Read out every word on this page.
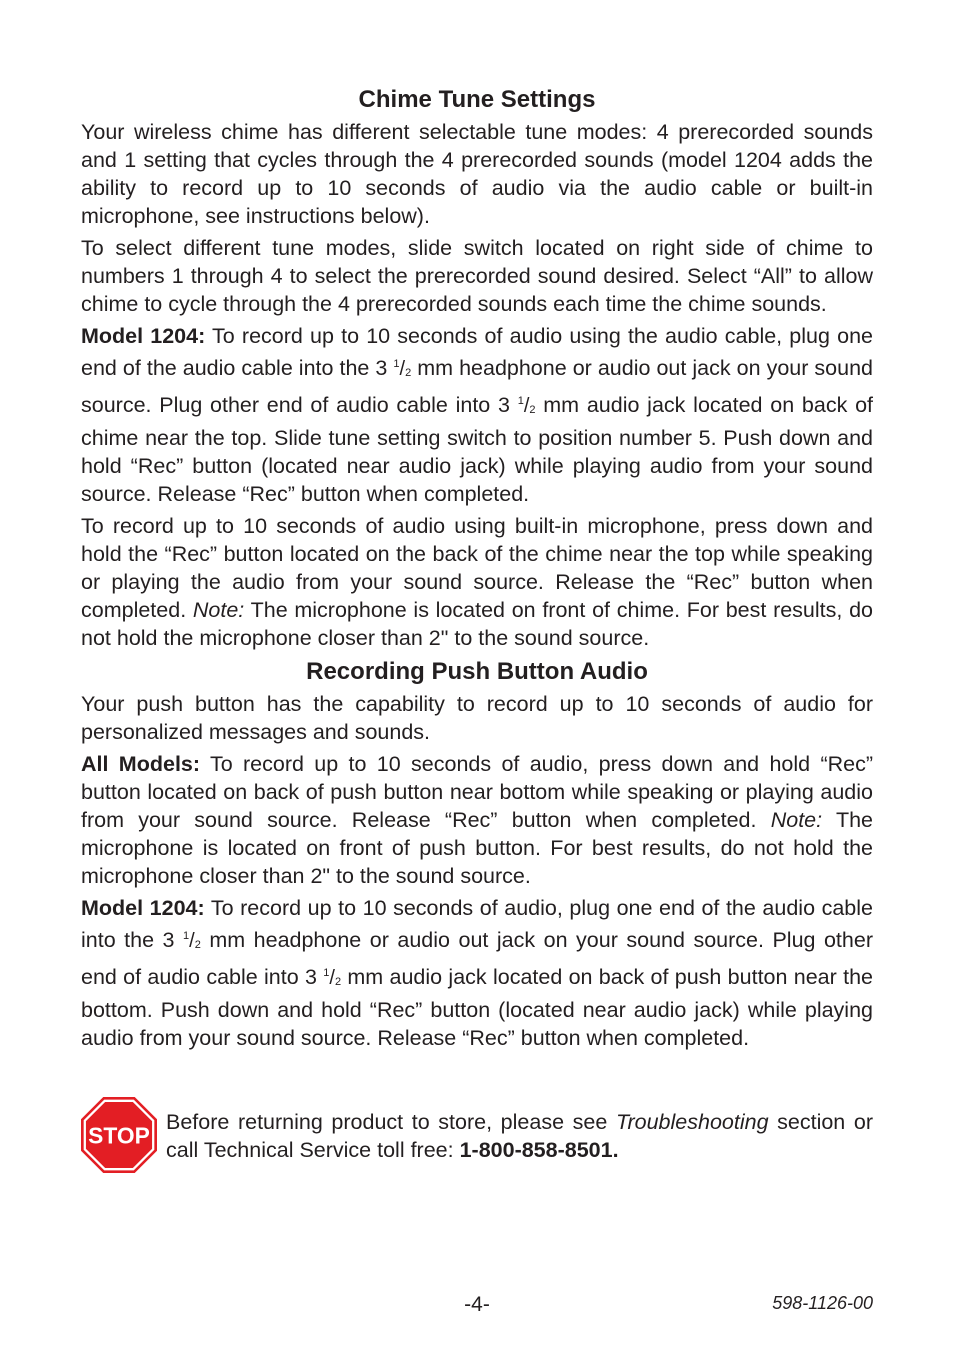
Chime Tune Settings

Your wireless chime has different selectable tune modes: 4 prerecorded sounds and 1 setting that cycles through the 4 prerecorded sounds (model 1204 adds the ability to record up to 10 seconds of audio via the audio cable or built-in microphone, see instructions below).

To select different tune modes, slide switch located on right side of chime to numbers 1 through 4 to select the prerecorded sound desired. Select “All” to allow chime to cycle through the 4 prerecorded sounds each time the chime sounds.

Model 1204: To record up to 10 seconds of audio using the audio cable, plug one end of the audio cable into the 3 $^1/_2$ mm headphone or audio out jack on your sound source. Plug other end of audio cable into 3 $^1/_2$ mm audio jack located on back of chime near the top. Slide tune setting switch to position number 5. Push down and hold “Rec” button (located near audio jack) while playing audio from your sound source. Release “Rec” button when completed.

To record up to 10 seconds of audio using built-in microphone, press down and hold the “Rec” button located on the back of the chime near the top while speaking or playing the audio from your sound source. Release the “Rec” button when completed. Note: The microphone is located on front of chime. For best results, do not hold the microphone closer than 2" to the sound source.

Recording Push Button Audio

Your push button has the capability to record up to 10 seconds of audio for personalized messages and sounds.

All Models: To record up to 10 seconds of audio, press down and hold “Rec” button located on back of push button near bottom while speaking or playing audio from your sound source. Release “Rec” button when completed. Note: The microphone is located on front of push button. For best results, do not hold the microphone closer than 2" to the sound source.

Model 1204: To record up to 10 seconds of audio, plug one end of the audio cable into the 3 $^1/_2$ mm headphone or audio out jack on your sound source. Plug other end of audio cable into 3 $^1/_2$ mm audio jack located on back of push button near the bottom. Push down and hold “Rec” button (located near audio jack) while playing audio from your sound source. Release “Rec” button when completed.

STOP
Before returning product to store, please see Troubleshooting section or call Technical Service toll free: 1-800-858-8501.
-4-	598-1126-00
